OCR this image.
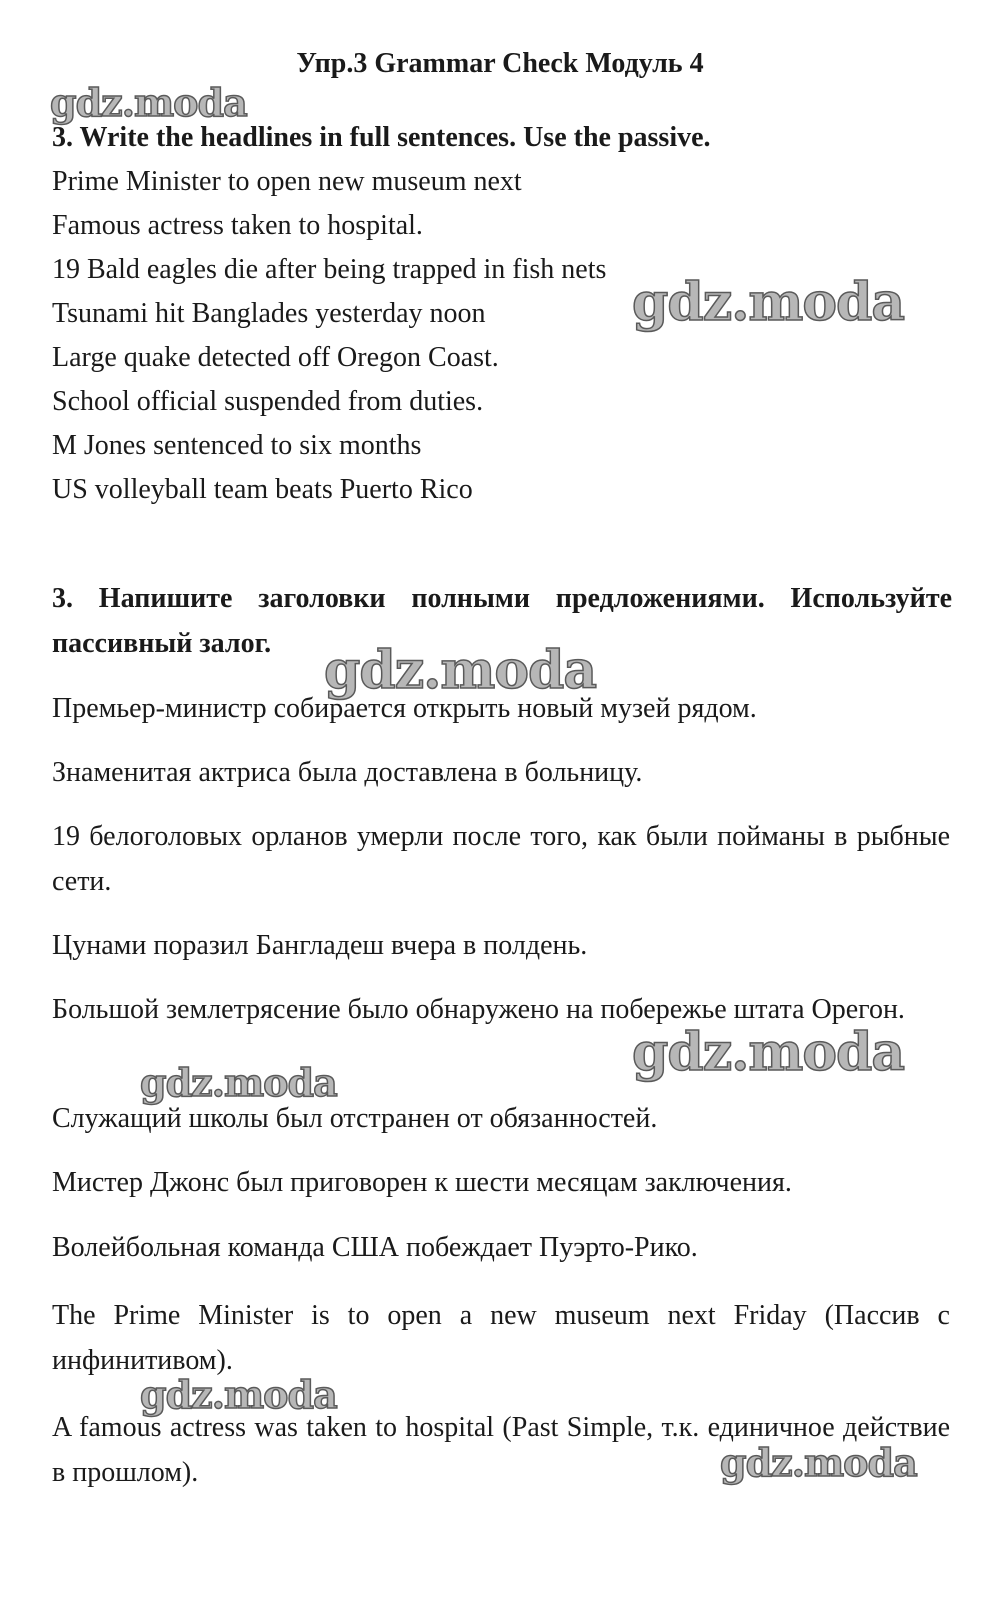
Упр.3 Grammar Check Модуль 4
gdz.moda
3. Write the headlines in full sentences. Use the passive.
Prime Minister to open new museum next
Famous actress taken to hospital.
19 Bald eagles die after being trapped in fish nets
Tsunami hit Banglades yesterday noon
Large quake detected off Oregon Coast.
School official suspended from duties.
M Jones sentenced to six months
US volleyball team beats Puerto Rico
gdz.moda
3. Напишите заголовки полными предложениями. Используйте пассивный залог.	gdz.moda
Премьер-министр собирается открыть новый музей рядом.
Знаменитая актриса была доставлена в больницу.
19 белоголовых орланов умерли после того, как были пойманы в рыбные сети.
Цунами поразил Бангладеш вчера в полдень.
Большой землетрясение было обнаружено на побережье штата Орегон.
gdz.moda
gdz.moda
Служащий школы был отстранен от обязанностей.
Мистер Джонс был приговорен к шести месяцам заключения.
Волейбольная команда США побеждает Пуэрто-Рико.
The Prime Minister is to open a new museum next Friday (Пассив с инфинитивом).
gdz.moda
A famous actress was taken to hospital (Past Simple, т.к. единичное действие в прошлом).	gdz.moda
